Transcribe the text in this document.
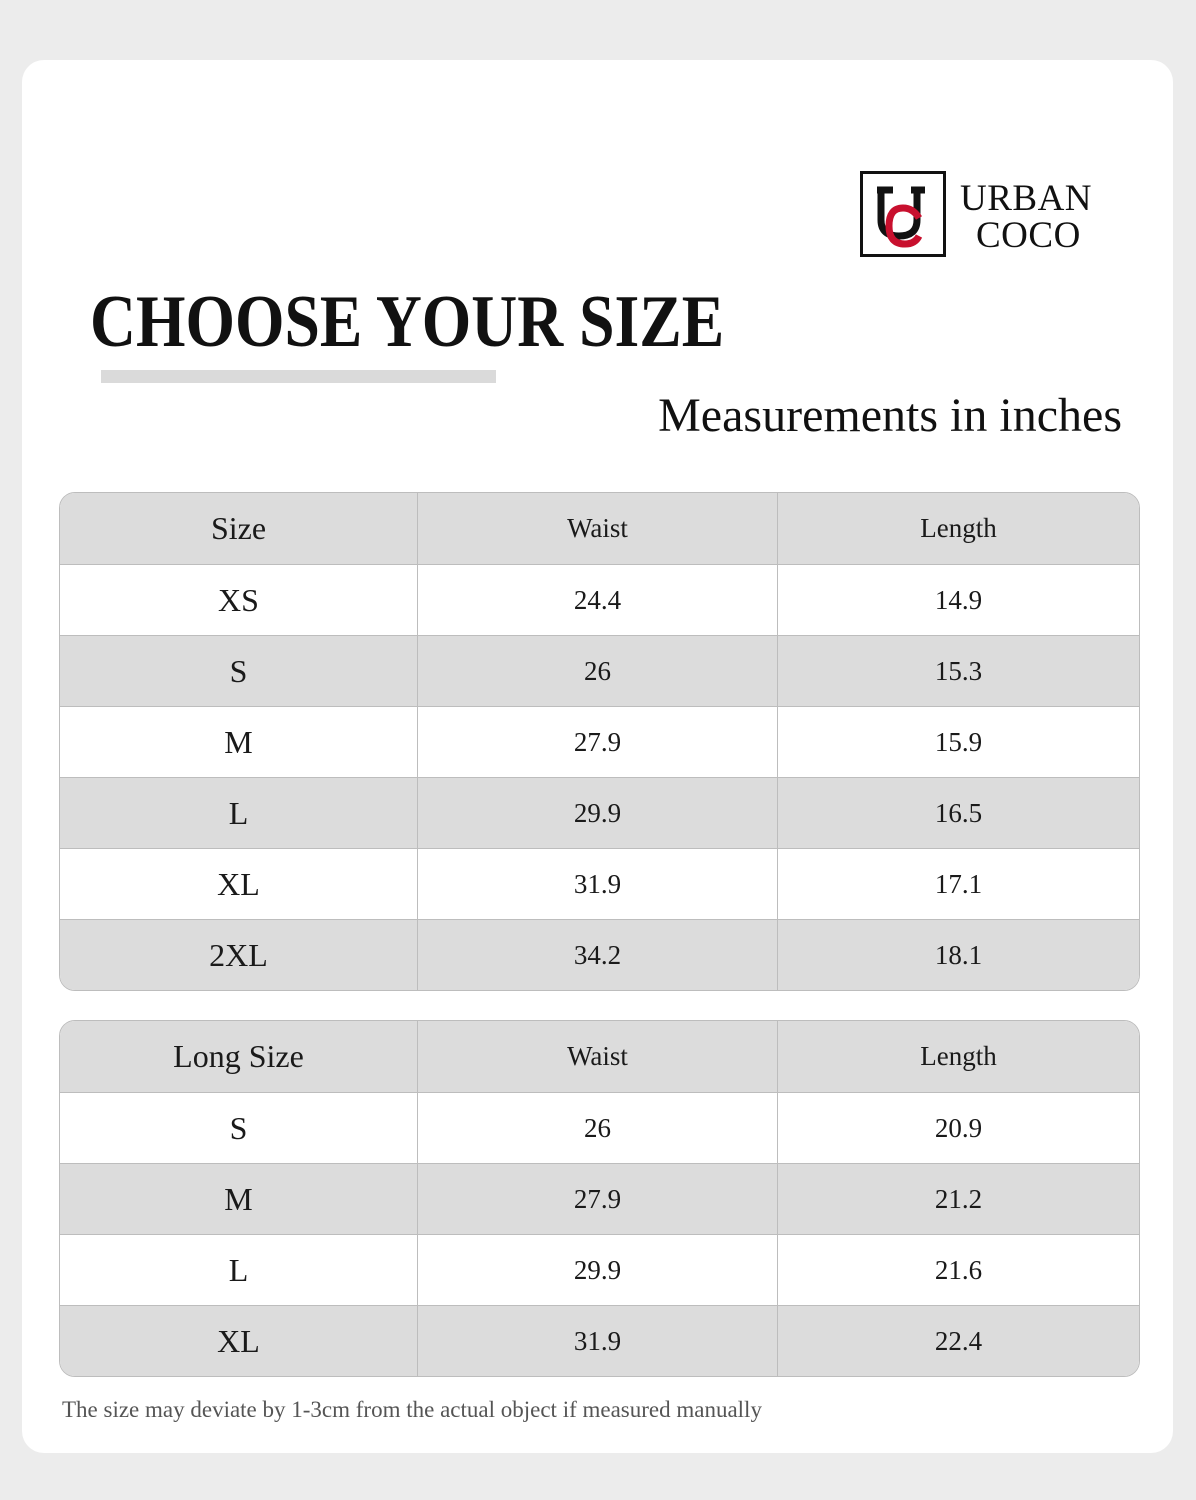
URBAN
COCO
CHOOSE YOUR SIZE
Measurements in inches
Size	Waist	Length
XS	24.4	14.9
S	26	15.3
M	27.9	15.9
L	29.9	16.5
XL	31.9	17.1
2XL	34.2	18.1
Long Size	Waist	Length
S	26	20.9
M	27.9	21.2
L	29.9	21.6
XL	31.9	22.4
The size may deviate by 1-3cm from the actual object if measured manually
